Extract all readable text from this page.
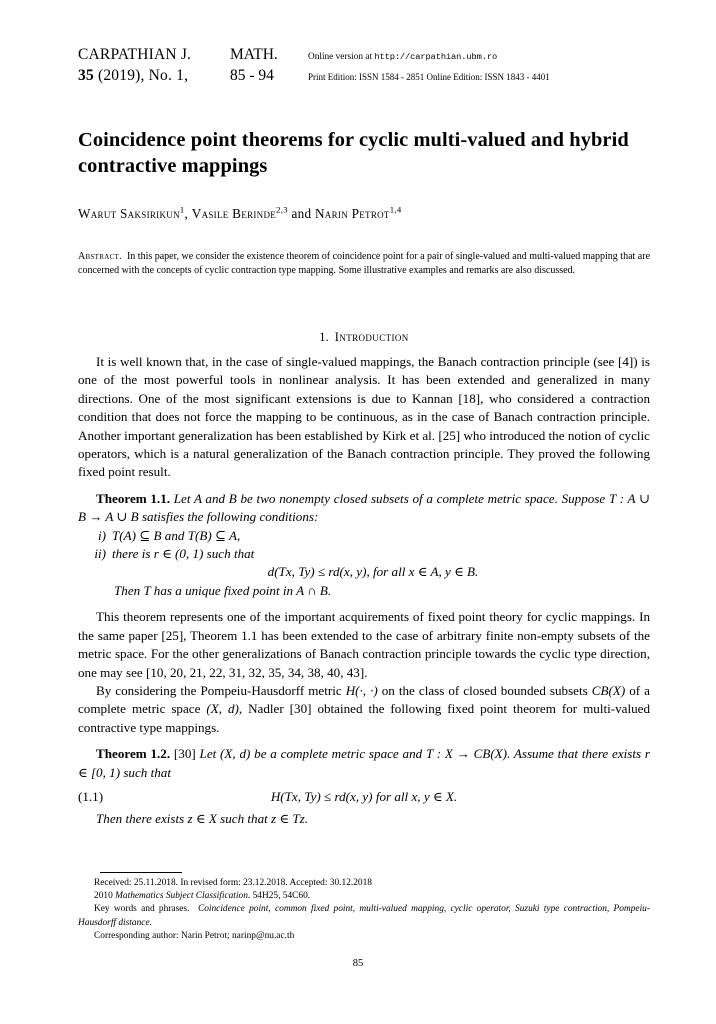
CARPATHIAN J.	MATH.	Online version at http://carpathian.ubm.ro
35 (2019), No. 1,	85 - 94	Print Edition: ISSN 1584 - 2851 Online Edition: ISSN 1843 - 4401
Coincidence point theorems for cyclic multi-valued and hybrid contractive mappings
Warut Saksirikun$^1$, Vasile Berinde$^{2,3}$ and Narin Petrot$^{1,4}$
Abstract. In this paper, we consider the existence theorem of coincidence point for a pair of single-valued and multi-valued mapping that are concerned with the concepts of cyclic contraction type mapping. Some illustrative examples and remarks are also discussed.
1. Introduction

It is well known that, in the case of single-valued mappings, the Banach contraction principle (see [4]) is one of the most powerful tools in nonlinear analysis. It has been extended and generalized in many directions. One of the most significant extensions is due to Kannan [18], who considered a contraction condition that does not force the mapping to be continuous, as in the case of Banach contraction principle. Another important generalization has been established by Kirk et al. [25] who introduced the notion of cyclic operators, which is a natural generalization of the Banach contraction principle. They proved the following fixed point result.

Theorem 1.1. Let A and B be two nonempty closed subsets of a complete metric space. Suppose T : A ∪ B → A ∪ B satisfies the following conditions:

i) T(A) ⊆ B and T(B) ⊆ A,
ii) there is r ∈ (0, 1) such that

d(Tx, Ty) ≤ rd(x, y), for all x ∈ A, y ∈ B.

Then T has a unique fixed point in A ∩ B.

This theorem represents one of the important acquirements of fixed point theory for cyclic mappings. In the same paper [25], Theorem 1.1 has been extended to the case of arbitrary finite non-empty subsets of the metric space. For the other generalizations of Banach contraction principle towards the cyclic type direction, one may see [10, 20, 21, 22, 31, 32, 35, 34, 38, 40, 43].

By considering the Pompeiu-Hausdorff metric H(·, ·) on the class of closed bounded subsets CB(X) of a complete metric space (X, d), Nadler [30] obtained the following fixed point theorem for multi-valued contractive type mappings.

Theorem 1.2. [30] Let (X, d) be a complete metric space and T : X → CB(X). Assume that there exists r ∈ [0, 1) such that

(1.1)	H(Tx, Ty) ≤ rd(x, y) for all x, y ∈ X.

Then there exists z ∈ X such that z ∈ Tz.

Received: 25.11.2018. In revised form: 23.12.2018. Accepted: 30.12.2018

2010 Mathematics Subject Classification. 54H25, 54C60.

Key words and phrases. Coincidence point, common fixed point, multi-valued mapping, cyclic operator, Suzuki type contraction, Pompeiu-Hausdorff distance.

Corresponding author: Narin Petrot; narinp@nu.ac.th

85
